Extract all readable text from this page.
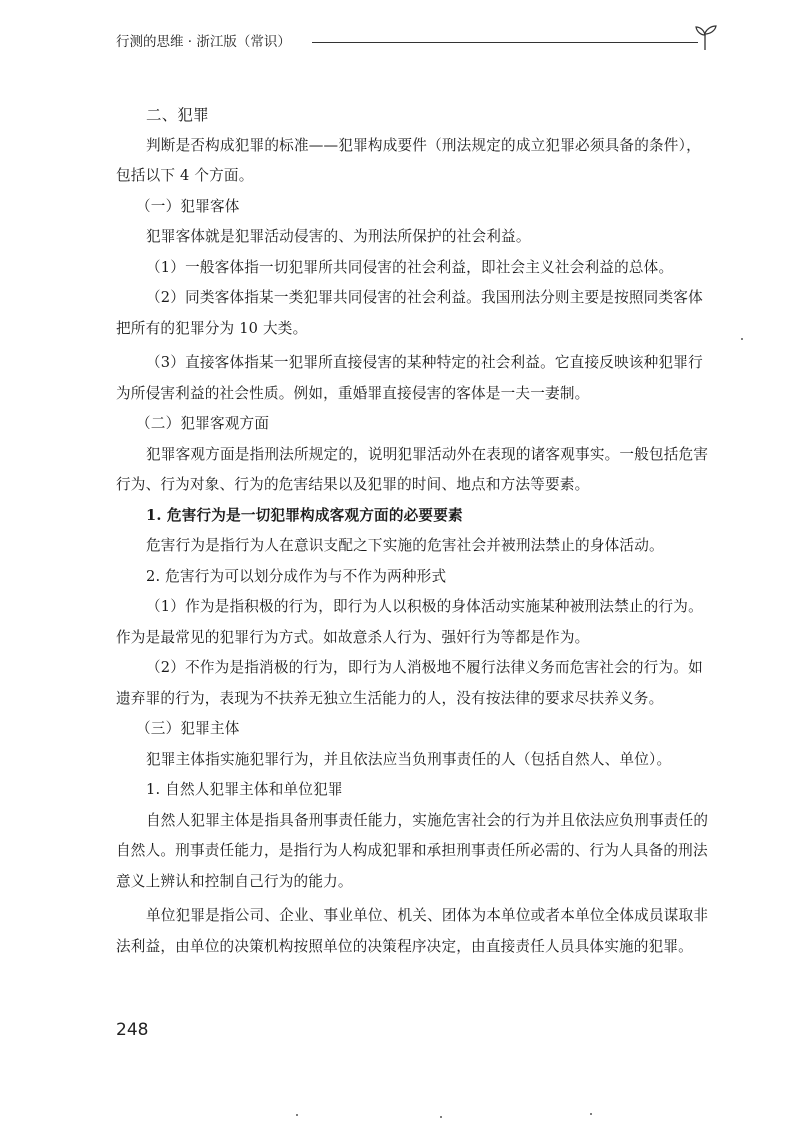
行测的思维 · 浙江版（常识）

二、犯罪

判断是否构成犯罪的标准——犯罪构成要件（刑法规定的成立犯罪必须具备的条件），包括以下 4 个方面。

（一）犯罪客体

犯罪客体就是犯罪活动侵害的、为刑法所保护的社会利益。

（1）一般客体指一切犯罪所共同侵害的社会利益，即社会主义社会利益的总体。

（2）同类客体指某一类犯罪共同侵害的社会利益。我国刑法分则主要是按照同类客体把所有的犯罪分为 10 大类。

（3）直接客体指某一犯罪所直接侵害的某种特定的社会利益。它直接反映该种犯罪行为所侵害利益的社会性质。例如，重婚罪直接侵害的客体是一夫一妻制。

（二）犯罪客观方面

犯罪客观方面是指刑法所规定的，说明犯罪活动外在表现的诸客观事实。一般包括危害行为、行为对象、行为的危害结果以及犯罪的时间、地点和方法等要素。

1. 危害行为是一切犯罪构成客观方面的必要要素

危害行为是指行为人在意识支配之下实施的危害社会并被刑法禁止的身体活动。

2. 危害行为可以划分成作为与不作为两种形式

（1）作为是指积极的行为，即行为人以积极的身体活动实施某种被刑法禁止的行为。作为是最常见的犯罪行为方式。如故意杀人行为、强奸行为等都是作为。

（2）不作为是指消极的行为，即行为人消极地不履行法律义务而危害社会的行为。如遗弃罪的行为，表现为不扶养无独立生活能力的人，没有按法律的要求尽扶养义务。

（三）犯罪主体

犯罪主体指实施犯罪行为，并且依法应当负刑事责任的人（包括自然人、单位）。

1. 自然人犯罪主体和单位犯罪

自然人犯罪主体是指具备刑事责任能力，实施危害社会的行为并且依法应负刑事责任的自然人。刑事责任能力，是指行为人构成犯罪和承担刑事责任所必需的、行为人具备的刑法意义上辨认和控制自己行为的能力。

单位犯罪是指公司、企业、事业单位、机关、团体为本单位或者本单位全体成员谋取非法利益，由单位的决策机构按照单位的决策程序决定，由直接责任人员具体实施的犯罪。

248
